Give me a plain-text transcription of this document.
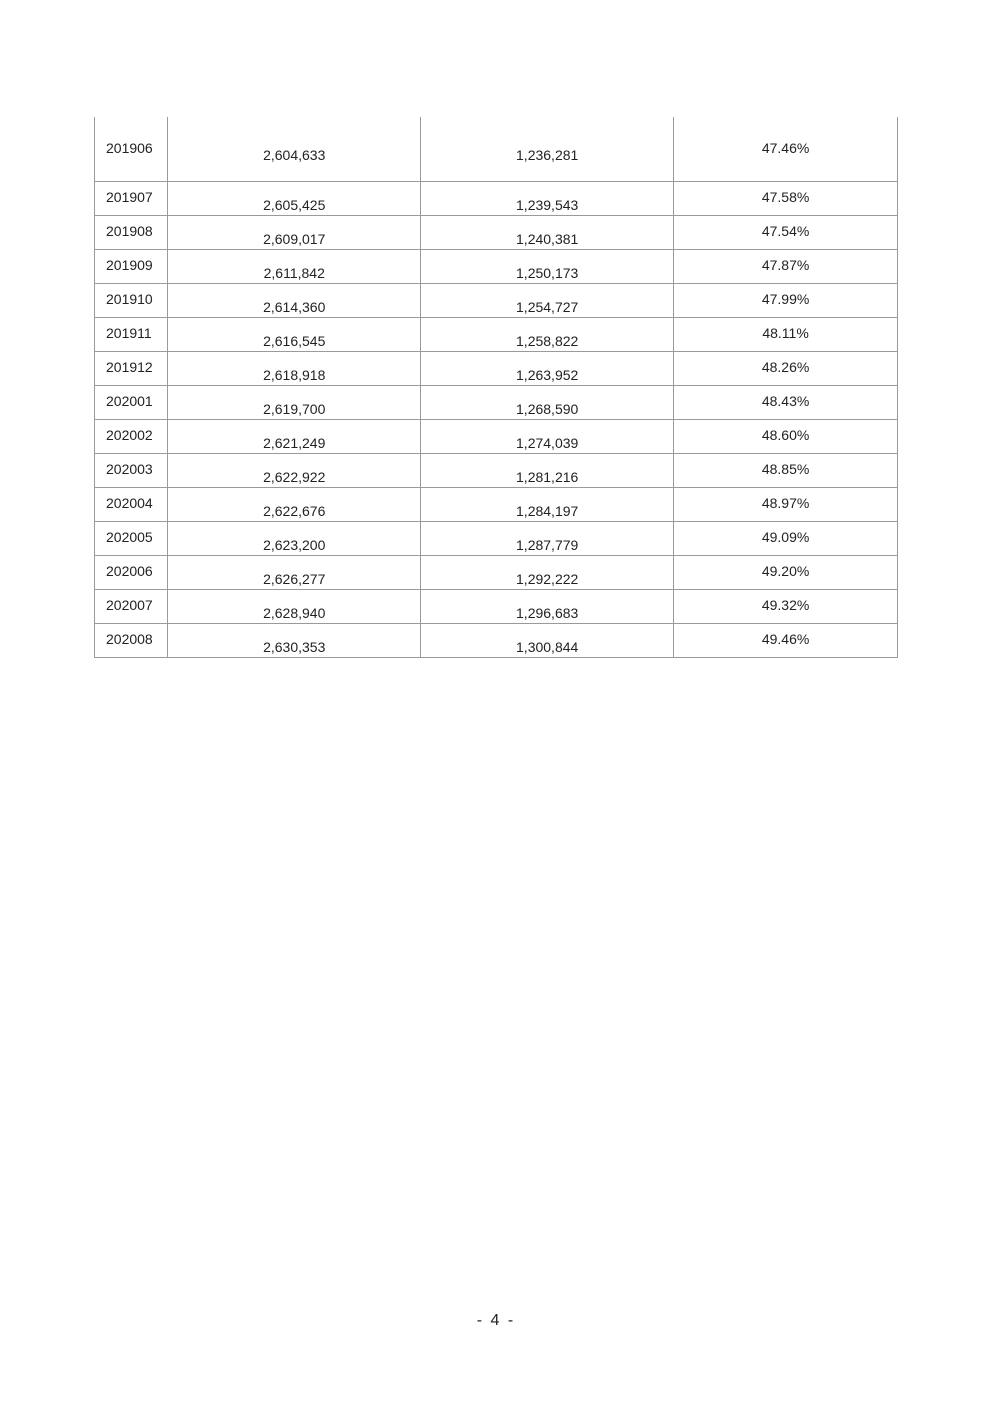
201906	2,604,633	1,236,281	47.46%

201907	2,605,425	1,239,543	47.58%

201908	2,609,017	1,240,381	47.54%

201909	2,611,842	1,250,173	47.87%

201910	2,614,360	1,254,727	47.99%

201911	2,616,545	1,258,822	48.11%

201912	2,618,918	1,263,952	48.26%

202001	2,619,700	1,268,590	48.43%

202002	2,621,249	1,274,039	48.60%

202003	2,622,922	1,281,216	48.85%

202004	2,622,676	1,284,197	48.97%

202005	2,623,200	1,287,779	49.09%

202006	2,626,277	1,292,222	49.20%

202007	2,628,940	1,296,683	49.32%

202008	2,630,353	1,300,844	49.46%
- 4 -
